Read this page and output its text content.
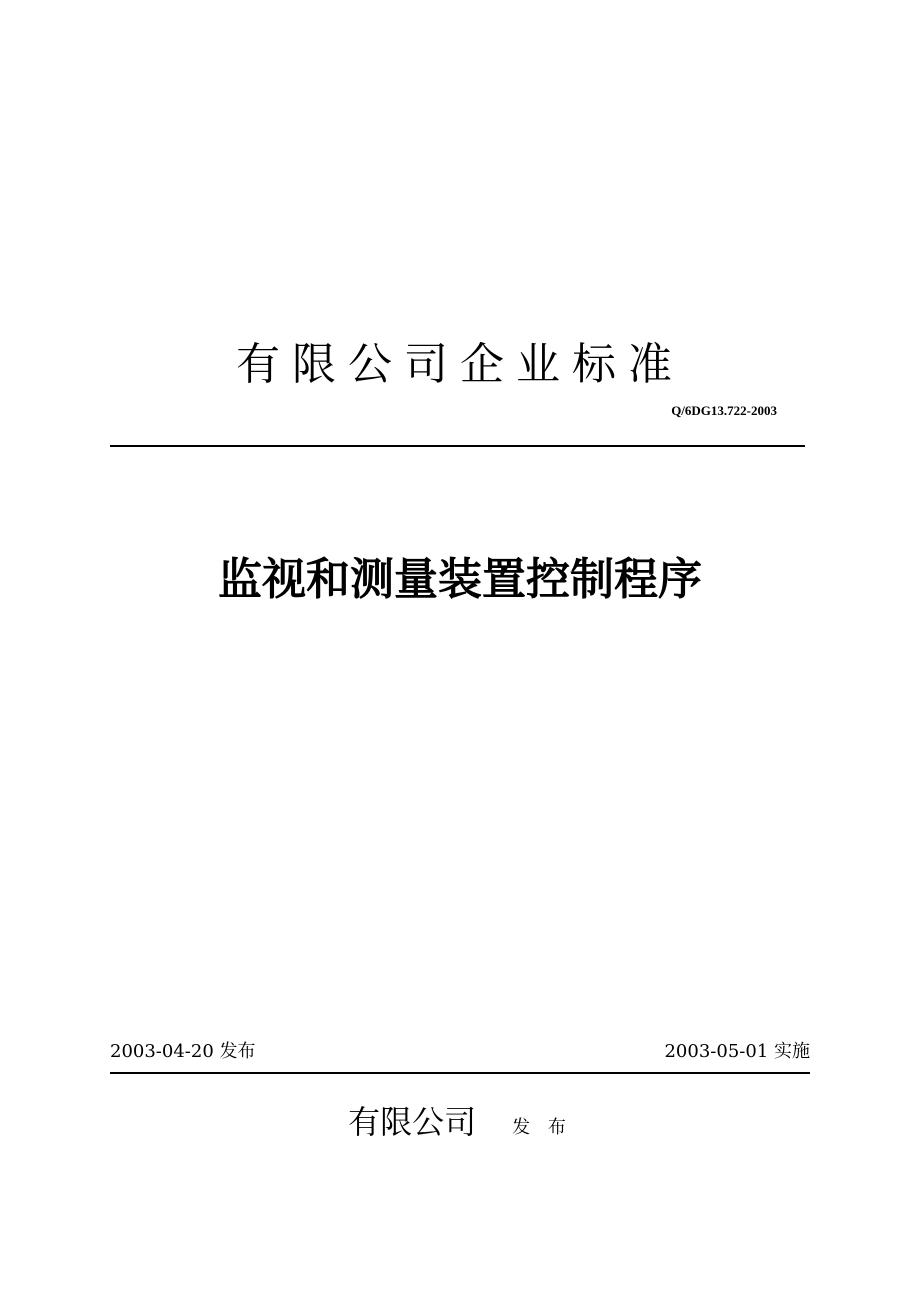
有限公司企业标准
Q/6DG13.722-2003
监视和测量装置控制程序
2003-04-20 发布	2003-05-01 实施
有限公司 发 布
